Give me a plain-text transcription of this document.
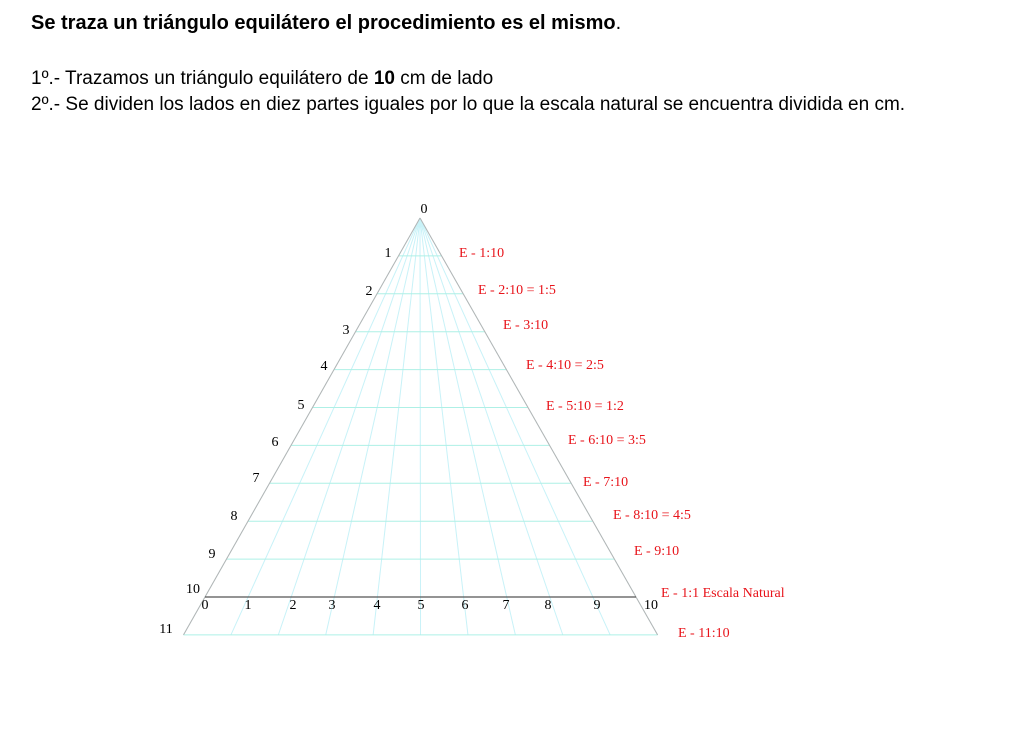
Se traza un triángulo equilátero el procedimiento es el mismo.
1º.- Trazamos un triángulo equilátero de 10 cm de lado
2º.- Se dividen los lados en diez partes iguales por lo que la escala natural se encuentra dividida en cm.
0
1
2
3
4
5
6
7
8
9
10
11
0	1	2 3	4	5	6 7	8	9	10
E - 1:10
E - 2:10 = 1:5
E - 3:10
E - 4:10 = 2:5
E - 5:10 = 1:2
E - 6:10 = 3:5
E - 7:10
E - 8:10 = 4:5
E - 9:10
E - 1:1 Escala Natural
E - 11:10
